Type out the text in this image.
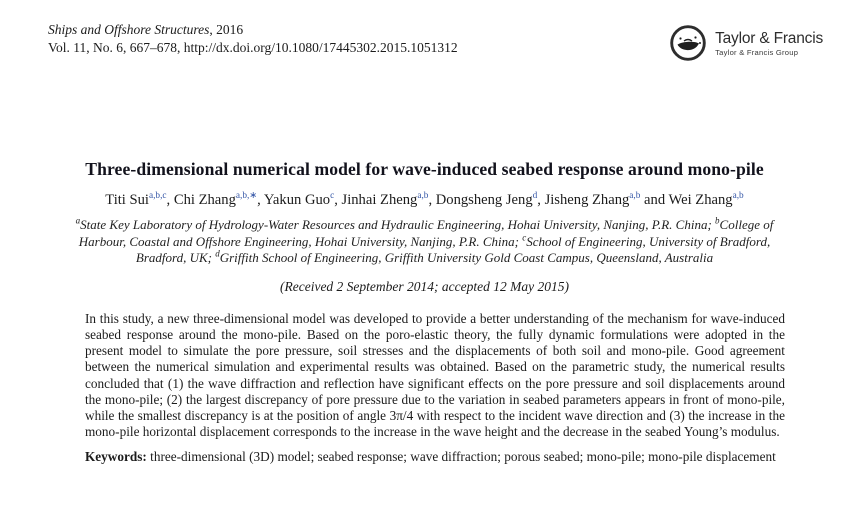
Ships and Offshore Structures, 2016
Vol. 11, No. 6, 667–678, http://dx.doi.org/10.1080/17445302.2015.1051312
Taylor & Francis
Taylor & Francis Group
Three-dimensional numerical model for wave-induced seabed response around mono-pile
Titi Sui$^{a,b,c}$, Chi Zhang$^{a,b,∗}$, Yakun Guo$^c$, Jinhai Zheng$^{a,b}$, Dongsheng Jeng$^d$, Jisheng Zhang$^{a,b}$ and Wei Zhang$^{a,b}$
$^a$State Key Laboratory of Hydrology-Water Resources and Hydraulic Engineering, Hohai University, Nanjing, P.R. China; $^b$College of Harbour, Coastal and Offshore Engineering, Hohai University, Nanjing, P.R. China; $^c$School of Engineering, University of Bradford, Bradford, UK; $^d$Griffith School of Engineering, Griffith University Gold Coast Campus, Queensland, Australia
(Received 2 September 2014; accepted 12 May 2015)

In this study, a new three-dimensional model was developed to provide a better understanding of the mechanism for wave-induced seabed response around the mono-pile. Based on the poro-elastic theory, the fully dynamic formulations were adopted in the present model to simulate the pore pressure, soil stresses and the displacements of both soil and mono-pile. Good agreement between the numerical simulation and experimental results was obtained. Based on the parametric study, the numerical results concluded that (1) the wave diffraction and reflection have significant effects on the pore pressure and soil displacements around the mono-pile; (2) the largest discrepancy of pore pressure due to the variation in seabed parameters appears in front of mono-pile, while the smallest discrepancy is at the position of angle 3π/4 with respect to the incident wave direction and (3) the increase in the mono-pile horizontal displacement corresponds to the increase in the wave height and the decrease in the seabed Young’s modulus.

Keywords: three-dimensional (3D) model; seabed response; wave diffraction; porous seabed; mono-pile; mono-pile displacement
